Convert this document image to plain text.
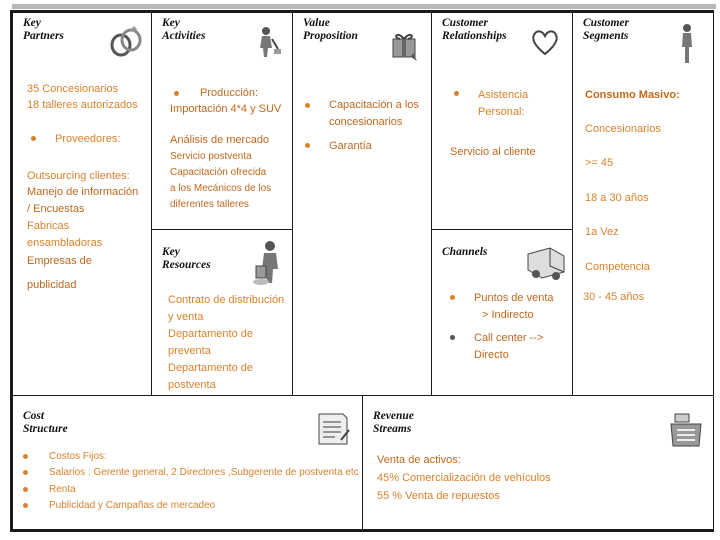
Key
Partners
35 Concesionarios
18 talleres autorizados
Proveedores:
Outsourcing clientes:
Manejo de información
/ Encuestas
Fabricas
ensambladoras
Empresas de
publicidad
Key
Activities
Producción:
Importación 4*4 y SUV
Análisis de mercado
Servicio postventa
Capacitación ofrecida
a los Mecánicos de los
diferentes talleres
Key
Resources
Contrato de distribución
y venta
Departamento de
preventa
Departamento de
postventa
Value
Proposition
Capacitación a los
concesionarios
Garantía
Customer
Relationships
Asistencia
Personal:
Servicio al cliente
Channels
Puntos de venta
> Indirecto
Call center -->
Directo
Customer
Segments
Consumo Masivo:
Concesionarios
>= 45
18 a 30 años
1a Vez
Competencia
30 - 45 años
Cost
Structure
Costos Fijos:
Salarios : Gerente general, 2 Directores ,Subgerente de postventa etc
Renta
Publicidad y Campañas de mercadeo
Revenue
Streams
Venta de activos:
45% Comercialización de vehículos
55 % Venta de repuestos
